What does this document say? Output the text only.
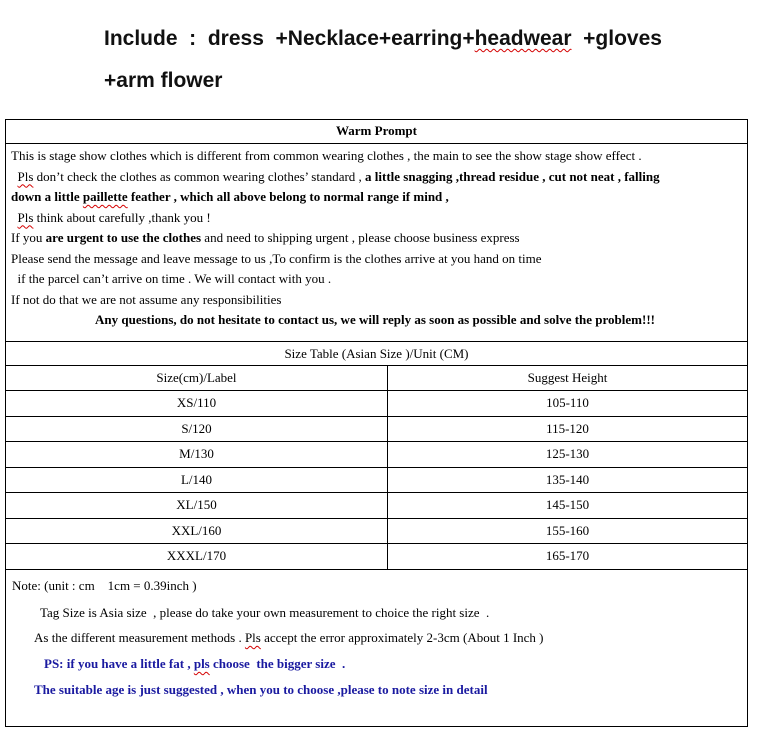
Include  :  dress  +Necklace+earring+headwear  +gloves
+arm flower
Warm Prompt
This is stage show clothes which is different from common wearing clothes , the main to see the show stage show effect .
Pls don’t check the clothes as common wearing clothes’ standard , a little snagging ,thread residue , cut not neat , falling
down a little paillette feather , which all above belong to normal range if mind ,
Pls think about carefully ,thank you !
If you are urgent to use the clothes and need to shipping urgent , please choose business express
Please send the message and leave message to us ,To confirm is the clothes arrive at you hand on time
if the parcel can’t arrive on time . We will contact with you .
If not do that we are not assume any responsibilities
Any questions, do not hesitate to contact us, we will reply as soon as possible and solve the problem!!!
Size Table (Asian Size )/Unit (CM)
Size(cm)/Label	Suggest Height
XS/110	105-110
S/120	115-120
M/130	125-130
L/140	135-140
XL/150	145-150
XXL/160	155-160
XXXL/170	165-170
Note: (unit : cm    1cm = 0.39inch )
Tag Size is Asia size  , please do take your own measurement to choice the right size  .
As the different measurement methods . Pls accept the error approximately 2-3cm (About 1 Inch )
PS: if you have a little fat , pls choose  the bigger size  .
The suitable age is just suggested , when you to choose ,please to note size in detail
